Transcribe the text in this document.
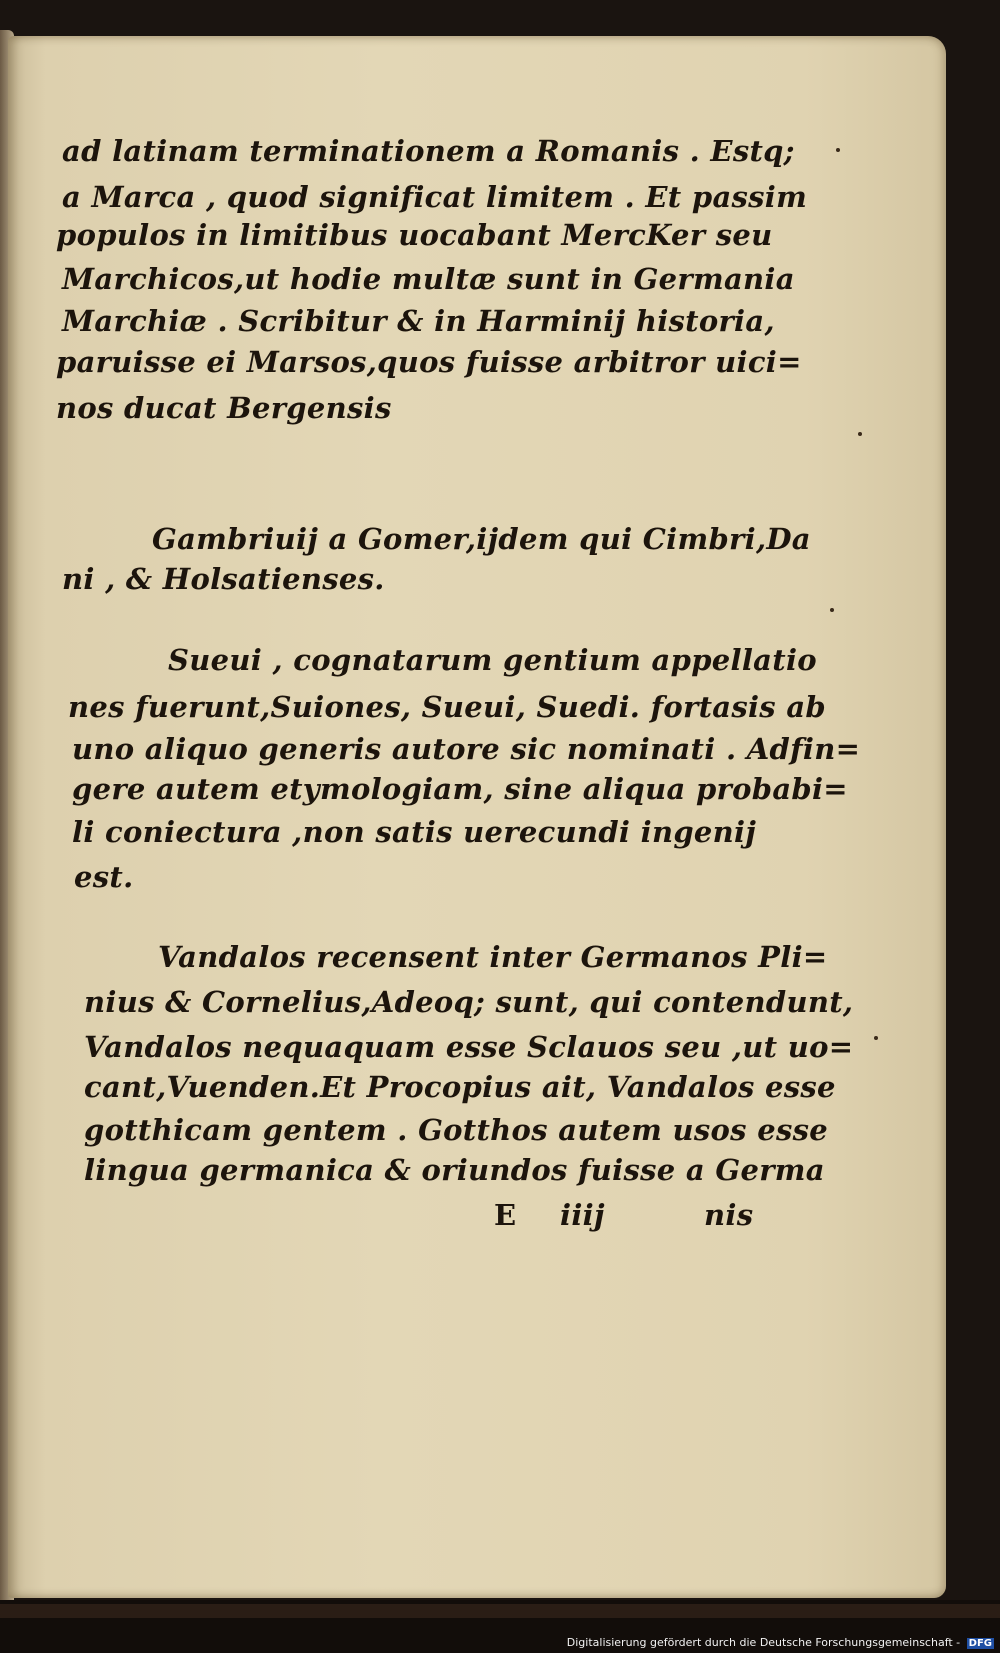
ad latinam terminationem a Romanis . Estq;
a Marca , quod significat limitem . Et passim
populos in limitibus uocabant MercKer seu
Marchicos,ut hodie multæ sunt in Germania
Marchiæ . Scribitur & in Harminij historia,
paruisse ei Marsos,quos fuisse arbitror uici=
nos ducat Bergensis
Gambriuij a Gomer,ijdem qui Cimbri,Da
ni , & Holsatienses.
Sueui , cognatarum gentium appellatio
nes fuerunt,Suiones, Sueui, Suedi. fortasis ab
uno aliquo generis autore sic nominati . Adfin=
gere autem etymologiam, sine aliqua probabi=
li coniectura ,non satis uerecundi ingenij
est.
Vandalos recensent inter Germanos Pli=
nius & Cornelius,Adeoq; sunt, qui contendunt,
Vandalos nequaquam esse Sclauos seu ,ut uo=
cant,Vuenden.Et Procopius ait, Vandalos esse
gotthicam gentem . Gotthos autem usos esse
lingua germanica & oriundos fuisse a Germa
E iiij	nis
Digitalisierung gefördert durch die Deutsche Forschungsgemeinschaft - DFG
